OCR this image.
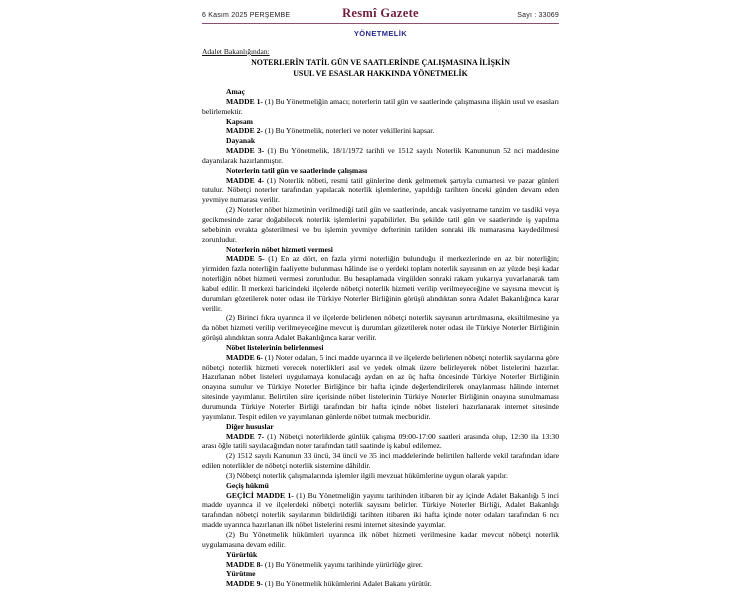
6 Kasım 2025 PERŞEMBE	Resmî Gazete	Sayı : 33069
YÖNETMELİK
Adalet Bakanlığından:
NOTERLERİN TATİL GÜN VE SAATLERİNDE ÇALIŞMASINA İLİŞKİN
USUL VE ESASLAR HAKKINDA YÖNETMELİK

Amaç

MADDE 1- (1) Bu Yönetmeliğin amacı; noterlerin tatil gün ve saatlerinde çalışmasına ilişkin usul ve esasları belirlemektir.

Kapsam

MADDE 2- (1) Bu Yönetmelik, noterleri ve noter vekillerini kapsar.

Dayanak

MADDE 3- (1) Bu Yönetmelik, 18/1/1972 tarihli ve 1512 sayılı Noterlik Kanununun 52 nci maddesine dayanılarak hazırlanmıştır.

Noterlerin tatil gün ve saatlerinde çalışması

MADDE 4- (1) Noterlik nöbeti, resmi tatil günlerine denk gelmemek şartıyla cumartesi ve pazar günleri tutulur. Nöbetçi noterler tarafından yapılacak noterlik işlemlerine, yapıldığı tarihten önceki günden devam eden yevmiye numarası verilir.

(2) Noterler nöbet hizmetinin verilmediği tatil gün ve saatlerinde, ancak vasiyetname tanzim ve tasdiki veya gecikmesinde zarar doğabilecek noterlik işlemlerini yapabilirler. Bu şekilde tatil gün ve saatlerinde iş yapılma sebebinin evrakta gösterilmesi ve bu işlemin yevmiye defterinin tatilden sonraki ilk numarasına kaydedilmesi zorunludur.

Noterlerin nöbet hizmeti vermesi

MADDE 5- (1) En az dört, en fazla yirmi noterliğin bulunduğu il merkezlerinde en az bir noterliğin; yirmiden fazla noterliğin faaliyette bulunması hâlinde ise o yerdeki toplam noterlik sayısının en az yüzde beşi kadar noterliğin nöbet hizmeti vermesi zorunludur. Bu hesaplamada virgülden sonraki rakam yukarıya yuvarlanarak tam kabul edilir. İl merkezi haricindeki ilçelerde nöbetçi noterlik hizmeti verilip verilmeyeceğine ve sayısına mevcut iş durumları gözetilerek noter odası ile Türkiye Noterler Birliğinin görüşü alındıktan sonra Adalet Bakanlığınca karar verilir.

(2) Birinci fıkra uyarınca il ve ilçelerde belirlenen nöbetçi noterlik sayısının artırılmasına, eksiltilmesine ya da nöbet hizmeti verilip verilmeyeceğine mevcut iş durumları gözetilerek noter odası ile Türkiye Noterler Birliğinin görüşü alındıktan sonra Adalet Bakanlığınca karar verilir.

Nöbet listelerinin belirlenmesi

MADDE 6- (1) Noter odaları, 5 inci madde uyarınca il ve ilçelerde belirlenen nöbetçi noterlik sayılarına göre nöbetçi noterlik hizmeti verecek noterlikleri asıl ve yedek olmak üzere belirleyerek nöbet listelerini hazırlar. Hazırlanan nöbet listeleri uygulamaya konulacağı aydan en az üç hafta öncesinde Türkiye Noterler Birliğinin onayına sunulur ve Türkiye Noterler Birliğince bir hafta içinde değerlendirilerek onaylanması hâlinde internet sitesinde yayımlanır. Belirtilen süre içerisinde nöbet listelerinin Türkiye Noterler Birliğinin onayına sunulmaması durumunda Türkiye Noterler Birliği tarafından bir hafta içinde nöbet listeleri hazırlanarak internet sitesinde yayımlanır. Tespit edilen ve yayımlanan günlerde nöbet tutmak mecburidir.

Diğer hususlar

MADDE 7- (1) Nöbetçi noterliklerde günlük çalışma 09:00-17:00 saatleri arasında olup, 12:30 ila 13:30 arası öğle tatili sayılacağından noter tarafından tatil saatinde iş kabul edilemez.

(2) 1512 sayılı Kanunun 33 üncü, 34 üncü ve 35 inci maddelerinde belirtilen hallerde vekil tarafından idare edilen noterlikler de nöbetçi noterlik sistemine dâhildir.

(3) Nöbetçi noterlik çalışmalarında işlemler ilgili mevzuat hükümlerine uygun olarak yapılır.

Geçiş hükmü

GEÇİCİ MADDE 1- (1) Bu Yönetmeliğin yayımı tarihinden itibaren bir ay içinde Adalet Bakanlığı 5 inci madde uyarınca il ve ilçelerdeki nöbetçi noterlik sayısını belirler. Türkiye Noterler Birliği, Adalet Bakanlığı tarafından nöbetçi noterlik sayılarının bildirildiği tarihten itibaren iki hafta içinde noter odaları tarafından 6 ncı madde uyarınca hazırlanan ilk nöbet listelerini resmi internet sitesinde yayımlar.

(2) Bu Yönetmelik hükümleri uyarınca ilk nöbet hizmeti verilmesine kadar mevcut nöbetçi noterlik uygulamasına devam edilir.

Yürürlük

MADDE 8- (1) Bu Yönetmelik yayımı tarihinde yürürlüğe girer.

Yürütme

MADDE 9- (1) Bu Yönetmelik hükümlerini Adalet Bakanı yürütür.
